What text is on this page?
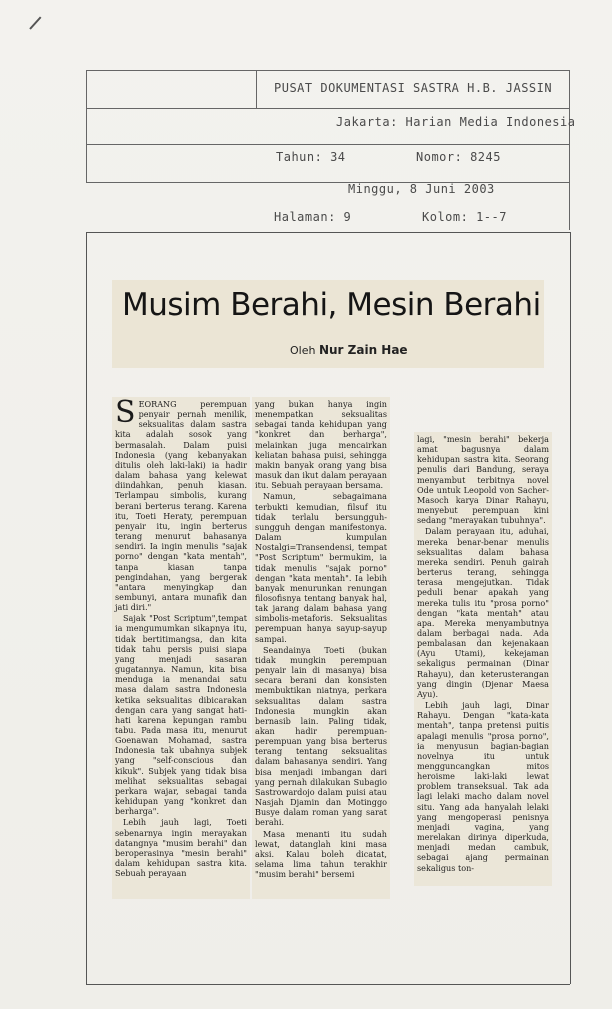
PUSAT DOKUMENTASI SASTRA H.B. JASSIN
Jakarta: Harian Media Indonesia
Tahun: 34	Nomor: 8245
Minggu, 8 Juni 2003
Halaman: 9	Kolom: 1--7
Musim Berahi, Mesin Berahi
Oleh Nur Zain Hae

SEORANG perempuan penyair pernah menilik, seksualitas dalam sastra kita adalah sosok yang bermasalah. Dalam puisi Indonesia (yang kebanyakan ditulis oleh laki-laki) ia hadir dalam bahasa yang kelewat diindahkan, penuh kiasan. Terlampau simbolis, kurang berani berterus terang. Karena itu, Toeti Heraty, perempuan penyair itu, ingin berterus terang menurut bahasanya sendiri. Ia ingin menulis "sajak porno" dengan "kata mentah", tanpa kiasan tanpa pengindahan, yang bergerak "antara menyingkap dan sembunyi, antara munafik dan jati diri."

Sajak "Post Scriptum",tempat ia mengumumkan sikapnya itu, tidak bertitimangsa, dan kita tidak tahu persis puisi siapa yang menjadi sasaran gugatannya. Namun, kita bisa menduga ia menandai satu masa dalam sastra Indonesia ketika seksualitas dibicarakan dengan cara yang sangat hati-hati karena kepungan rambu tabu. Pada masa itu, menurut Goenawan Mohamad, sastra Indonesia tak ubahnya subjek yang "self-conscious dan kikuk". Subjek yang tidak bisa melihat seksualitas sebagai perkara wajar, sebagai tanda kehidupan yang "konkret dan berharga".

Lebih jauh lagi, Toeti sebenarnya ingin merayakan datangnya "musim berahi" dan beroperasinya "mesin berahi" dalam kehidupan sastra kita. Sebuah perayaan

yang bukan hanya ingin menempatkan seksualitas sebagai tanda kehidupan yang "konkret dan berharga", melainkan juga mencairkan keliatan bahasa puisi, sehingga makin banyak orang yang bisa masuk dan ikut dalam perayaan itu. Sebuah perayaan bersama.

Namun, sebagaimana terbukti kemudian, filsuf itu tidak terlalu bersungguh-sungguh dengan manifestonya. Dalam kumpulan Nostalgi=Transendensi, tempat "Post Scriptum" bermukim, ia tidak menulis "sajak porno" dengan "kata mentah". Ia lebih banyak menurunkan renungan filosofisnya tentang banyak hal, tak jarang dalam bahasa yang simbolis-metaforis. Seksualitas perempuan hanya sayup-sayup sampai.

Seandainya Toeti (bukan tidak mungkin perempuan penyair lain di masanya) bisa secara berani dan konsisten membuktikan niatnya, perkara seksualitas dalam sastra Indonesia mungkin akan bernasib lain. Paling tidak, akan hadir perempuan-perempuan yang bisa berterus terang tentang seksualitas dalam bahasanya sendiri. Yang bisa menjadi imbangan dari yang pernah dilakukan Subagio Sastrowardojo dalam puisi atau Nasjah Djamin dan Motinggo Busye dalam roman yang sarat berahi.

Masa menanti itu sudah lewat, datanglah kini masa aksi. Kalau boleh dicatat, selama lima tahun terakhir "musim berahi" bersemi

lagi, "mesin berahi" bekerja amat bagusnya dalam kehidupan sastra kita. Seorang penulis dari Bandung, seraya menyambut terbitnya novel Ode untuk Leopold von Sacher-Masoch karya Dinar Rahayu, menyebut perempuan kini sedang "merayakan tubuhnya".

Dalam perayaan itu, aduhai, mereka benar-benar menulis seksualitas dalam bahasa mereka sendiri. Penuh gairah berterus terang, sehingga terasa mengejutkan. Tidak peduli benar apakah yang mereka tulis itu "prosa porno" dengan "kata mentah" atau apa. Mereka menyambutnya dalam berbagai nada. Ada pembalasan dan kejenakaan (Ayu Utami), kekejaman sekaligus permainan (Dinar Rahayu), dan keterusterangan yang dingin (Djenar Maesa Ayu).

Lebih jauh lagi, Dinar Rahayu. Dengan "kata-kata mentah", tanpa pretensi puitis apalagi menulis "prosa porno", ia menyusun bagian-bagian novelnya itu untuk mengguncangkan mitos heroisme laki-laki lewat problem transeksual. Tak ada lagi lelaki macho dalam novel situ. Yang ada hanyalah lelaki yang mengoperasi penisnya menjadi vagina, yang merelakan dirinya diperkuda, menjadi medan cambuk, sebagai ajang permainan sekaligus ton-
